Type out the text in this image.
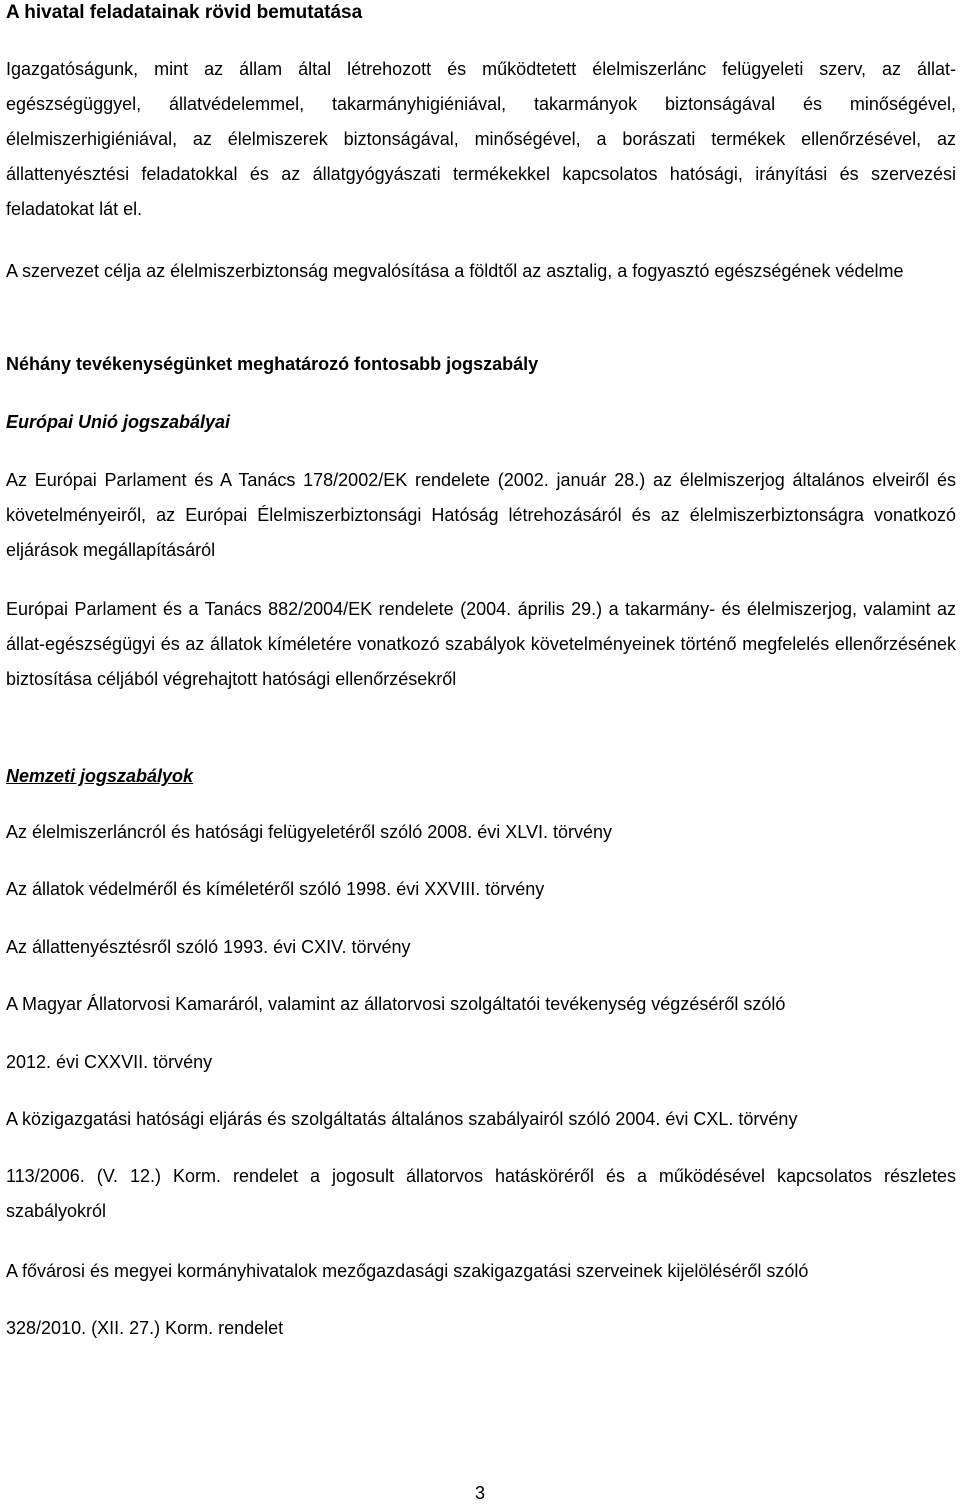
A hivatal feladatainak rövid bemutatása
Igazgatóságunk, mint az állam által létrehozott és működtetett élelmiszerlánc felügyeleti szerv, az állat-egészségüggyel, állatvédelemmel, takarmányhigiéniával, takarmányok biztonságával és minőségével, élelmiszerhigiéniával, az élelmiszerek biztonságával, minőségével, a borászati termékek ellenőrzésével, az állattenyésztési feladatokkal és az állatgyógyászati termékekkel kapcsolatos hatósági, irányítási és szervezési feladatokat lát el.
A szervezet célja az élelmiszerbiztonság megvalósítása a földtől az asztalig, a fogyasztó egészségének védelme
Néhány tevékenységünket meghatározó fontosabb jogszabály
Európai Unió jogszabályai
Az Európai Parlament és A Tanács 178/2002/EK rendelete (2002. január 28.) az élelmiszerjog általános elveiről és követelményeiről, az Európai Élelmiszerbiztonsági Hatóság létrehozásáról és az élelmiszerbiztonságra vonatkozó eljárások megállapításáról
Európai Parlament és a Tanács 882/2004/EK rendelete (2004. április 29.) a takarmány- és élelmiszerjog, valamint az állat-egészségügyi és az állatok kíméletére vonatkozó szabályok követelményeinek történő megfelelés ellenőrzésének biztosítása céljából végrehajtott hatósági ellenőrzésekről
Nemzeti jogszabályok
Az élelmiszerláncról és hatósági felügyeletéről szóló 2008. évi XLVI. törvény
Az állatok védelméről és kíméletéről szóló 1998. évi XXVIII. törvény
Az állattenyésztésről szóló 1993. évi CXIV. törvény
A Magyar Állatorvosi Kamaráról, valamint az állatorvosi szolgáltatói tevékenység végzéséről szóló
2012. évi CXXVII. törvény
A közigazgatási hatósági eljárás és szolgáltatás általános szabályairól szóló 2004. évi CXL. törvény
113/2006. (V. 12.) Korm. rendelet a jogosult állatorvos hatásköréről és a működésével kapcsolatos részletes szabályokról
A fővárosi és megyei kormányhivatalok mezőgazdasági szakigazgatási szerveinek kijelöléséről szóló
328/2010. (XII. 27.) Korm. rendelet
3
